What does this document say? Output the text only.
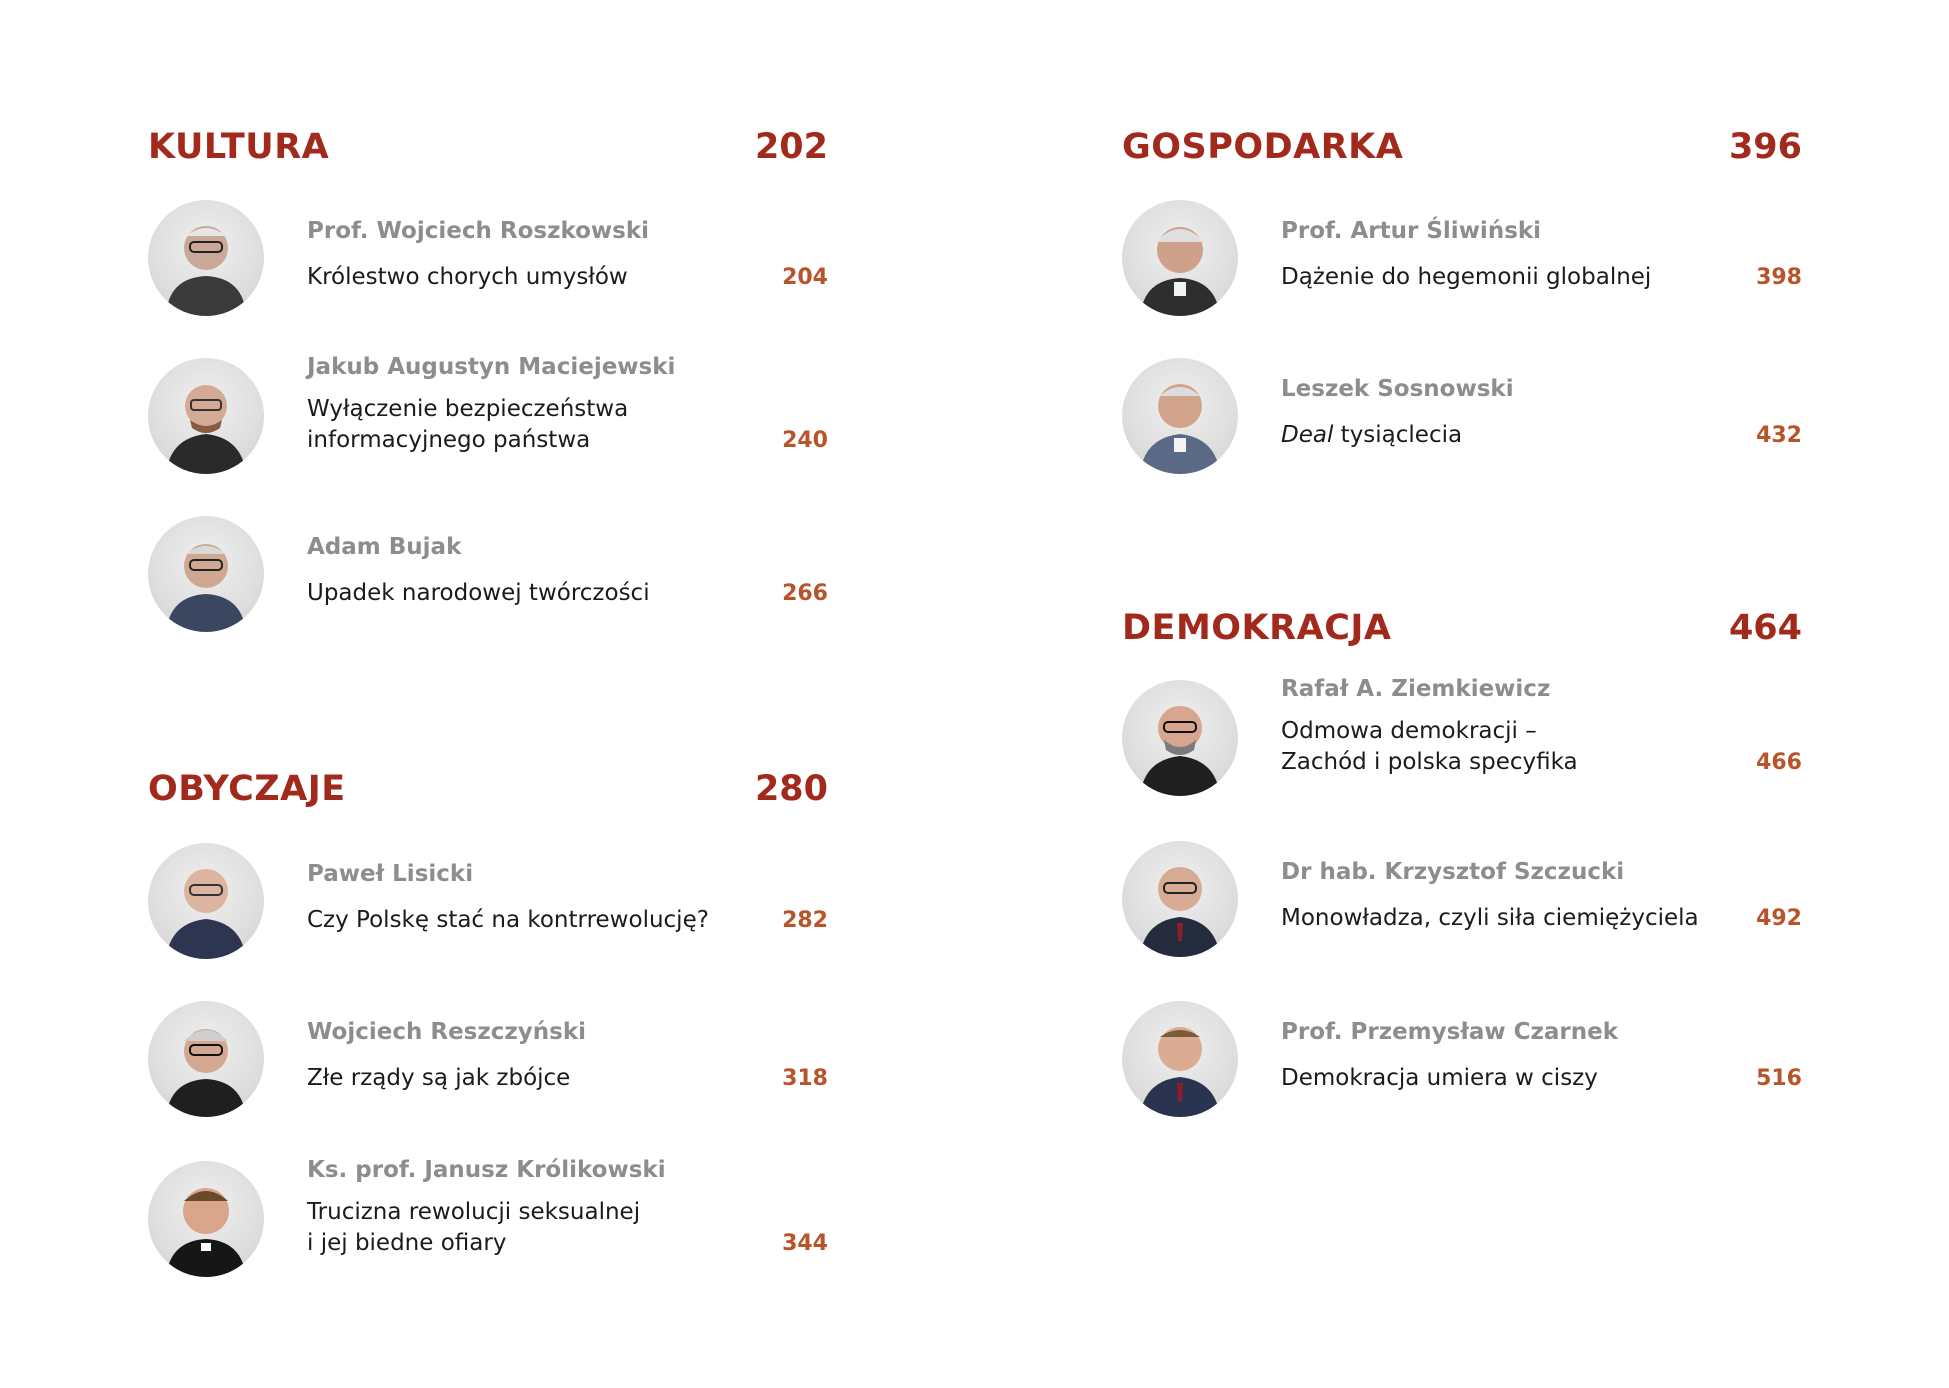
KULTURA	202
Prof. Wojciech Roszkowski
Królestwo chorych umysłów	204
Jakub Augustyn Maciejewski
Wyłączenie bezpieczeństwa
informacyjnego państwa	240
Adam Bujak
Upadek narodowej twórczości	266
OBYCZAJE	280
Paweł Lisicki
Czy Polskę stać na kontrrewolucję?	282
Wojciech Reszczyński
Złe rządy są jak zbójce	318
Ks. prof. Janusz Królikowski
Trucizna rewolucji seksualnej
i jej biedne ofiary	344
GOSPODARKA	396
Prof. Artur Śliwiński
Dążenie do hegemonii globalnej	398
Leszek Sosnowski
Deal tysiąclecia	432
DEMOKRACJA	464
Rafał A. Ziemkiewicz
Odmowa demokracji –
Zachód i polska specyfika	466
Dr hab. Krzysztof Szczucki
Monowładza, czyli siła ciemiężyciela	492
Prof. Przemysław Czarnek
Demokracja umiera w ciszy	516
